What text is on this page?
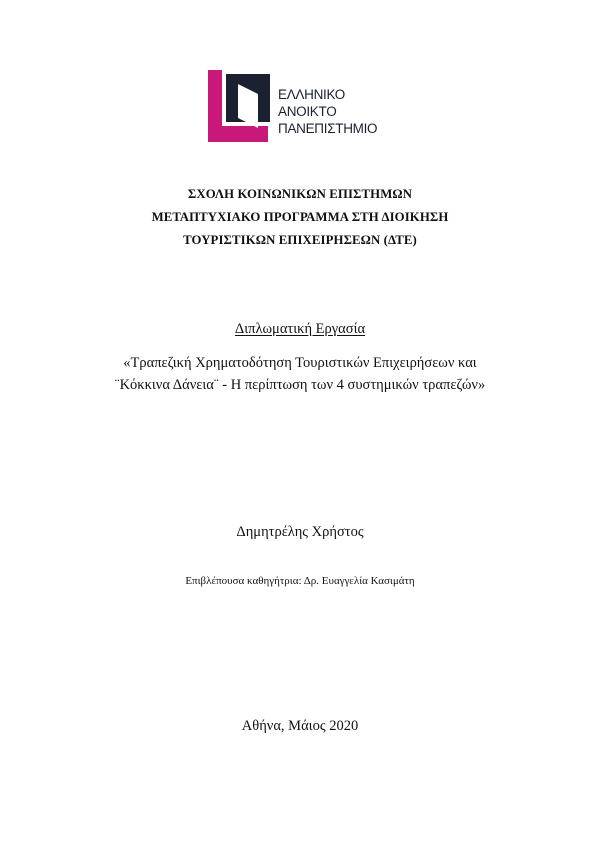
ΕΛΛΗΝΙΚΟ
ΑΝΟΙΚΤΟ
ΠΑΝΕΠΙΣΤΗΜΙΟ
ΣΧΟΛΗ ΚΟΙΝΩΝΙΚΩΝ ΕΠΙΣΤΗΜΩΝ
ΜΕΤΑΠΤΥΧΙΑΚΟ ΠΡΟΓΡΑΜΜΑ ΣΤΗ ΔΙΟΙΚΗΣΗ
ΤΟΥΡΙΣΤΙΚΩΝ ΕΠΙΧΕΙΡΗΣΕΩΝ (ΔΤΕ)
Διπλωματική Εργασία
«Τραπεζική Χρηματοδότηση Τουριστικών Επιχειρήσεων και
¨Κόκκινα Δάνεια¨ - Η περίπτωση των 4 συστημικών τραπεζών»
Δημητρέλης Χρήστος
Επιβλέπουσα καθηγήτρια: Δρ. Ευαγγελία Κασιμάτη
Αθήνα, Μάιος 2020
